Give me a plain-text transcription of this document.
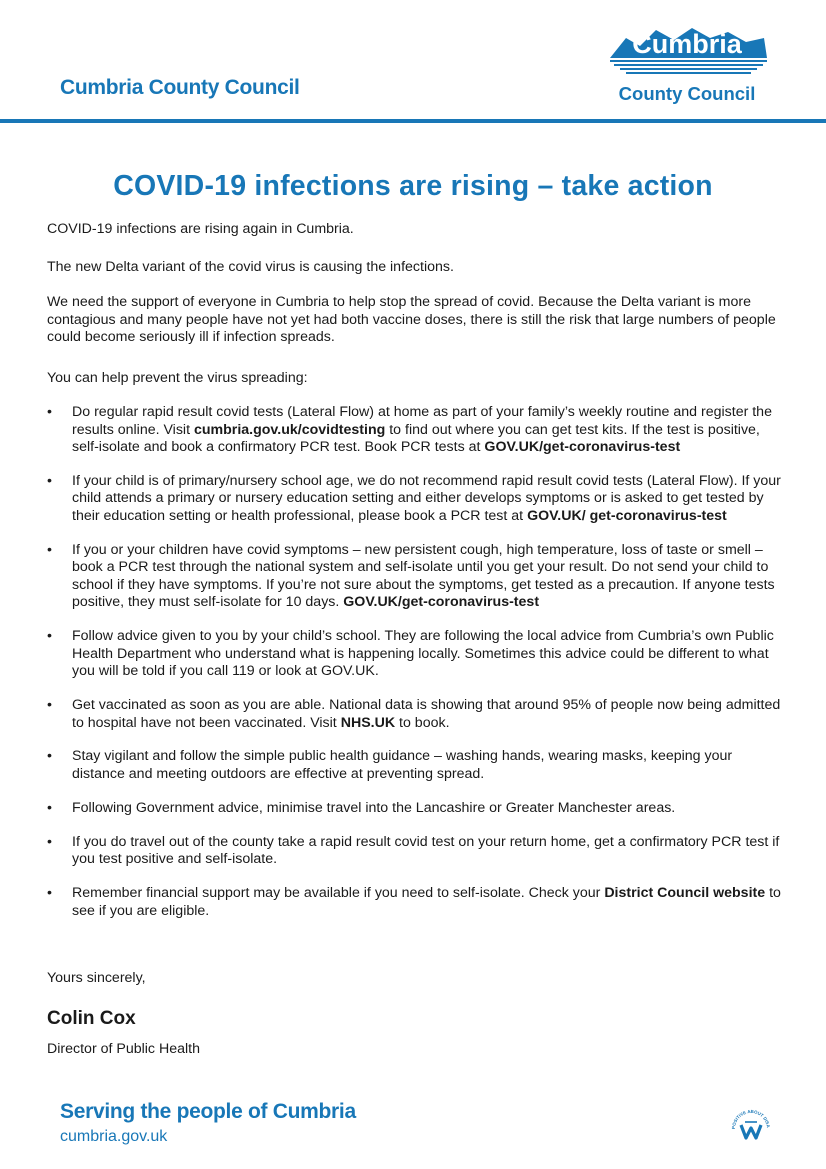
Cumbria County Council
Cumbria
County Council
COVID-19 infections are rising – take action

COVID-19 infections are rising again in Cumbria.

The new Delta variant of the covid virus is causing the infections.

We need the support of everyone in Cumbria to help stop the spread of covid. Because the Delta variant is more contagious and many people have not yet had both vaccine doses, there is still the risk that large numbers of people could become seriously ill if infection spreads.

You can help prevent the virus spreading:

• Do regular rapid result covid tests (Lateral Flow) at home as part of your family’s weekly routine and register the results online. Visit cumbria.gov.uk/covidtesting to find out where you can get test kits. If the test is positive, self-isolate and book a confirmatory PCR test. Book PCR tests at GOV.UK/get-coronavirus-test
• If your child is of primary/nursery school age, we do not recommend rapid result covid tests (Lateral Flow). If your child attends a primary or nursery education setting and either develops symptoms or is asked to get tested by their education setting or health professional, please book a PCR test at GOV.UK/ get-coronavirus-test
• If you or your children have covid symptoms – new persistent cough, high temperature, loss of taste or smell – book a PCR test through the national system and self-isolate until you get your result. Do not send your child to school if they have symptoms. If you’re not sure about the symptoms, get tested as a precaution. If anyone tests positive, they must self-isolate for 10 days. GOV.UK/get-coronavirus-test
• Follow advice given to you by your child’s school. They are following the local advice from Cumbria’s own Public Health Department who understand what is happening locally. Sometimes this advice could be different to what you will be told if you call 119 or look at GOV.UK.
• Get vaccinated as soon as you are able. National data is showing that around 95% of people now being admitted to hospital have not been vaccinated. Visit NHS.UK to book.
• Stay vigilant and follow the simple public health guidance – washing hands, wearing masks, keeping your distance and meeting outdoors are effective at preventing spread.
• Following Government advice, minimise travel into the Lancashire or Greater Manchester areas.
• If you do travel out of the county take a rapid result covid test on your return home, get a confirmatory PCR test if you test positive and self-isolate.
• Remember financial support may be available if you need to self-isolate. Check your District Council website to see if you are eligible.
Yours sincerely,
Colin Cox
Director of Public Health
Serving the people of Cumbria
cumbria.gov.uk
POSITIVE ABOUT DISA
